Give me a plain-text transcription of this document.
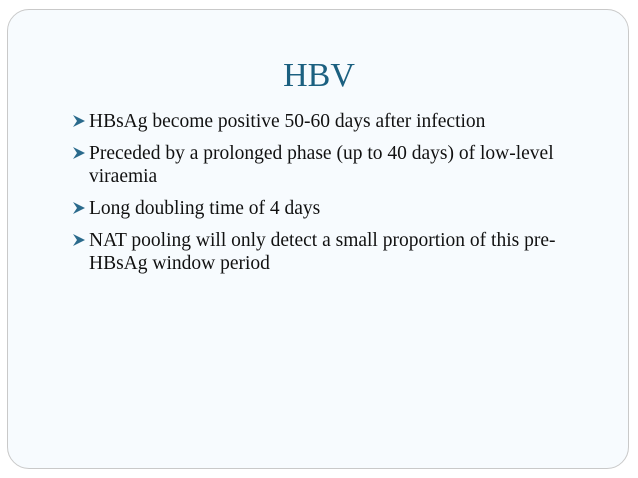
HBV
HBsAg become positive 50-60 days after infection
Preceded by a prolonged phase (up to 40 days) of low-level viraemia
Long doubling time of 4 days
NAT pooling will only detect a small proportion of this pre-HBsAg window period
